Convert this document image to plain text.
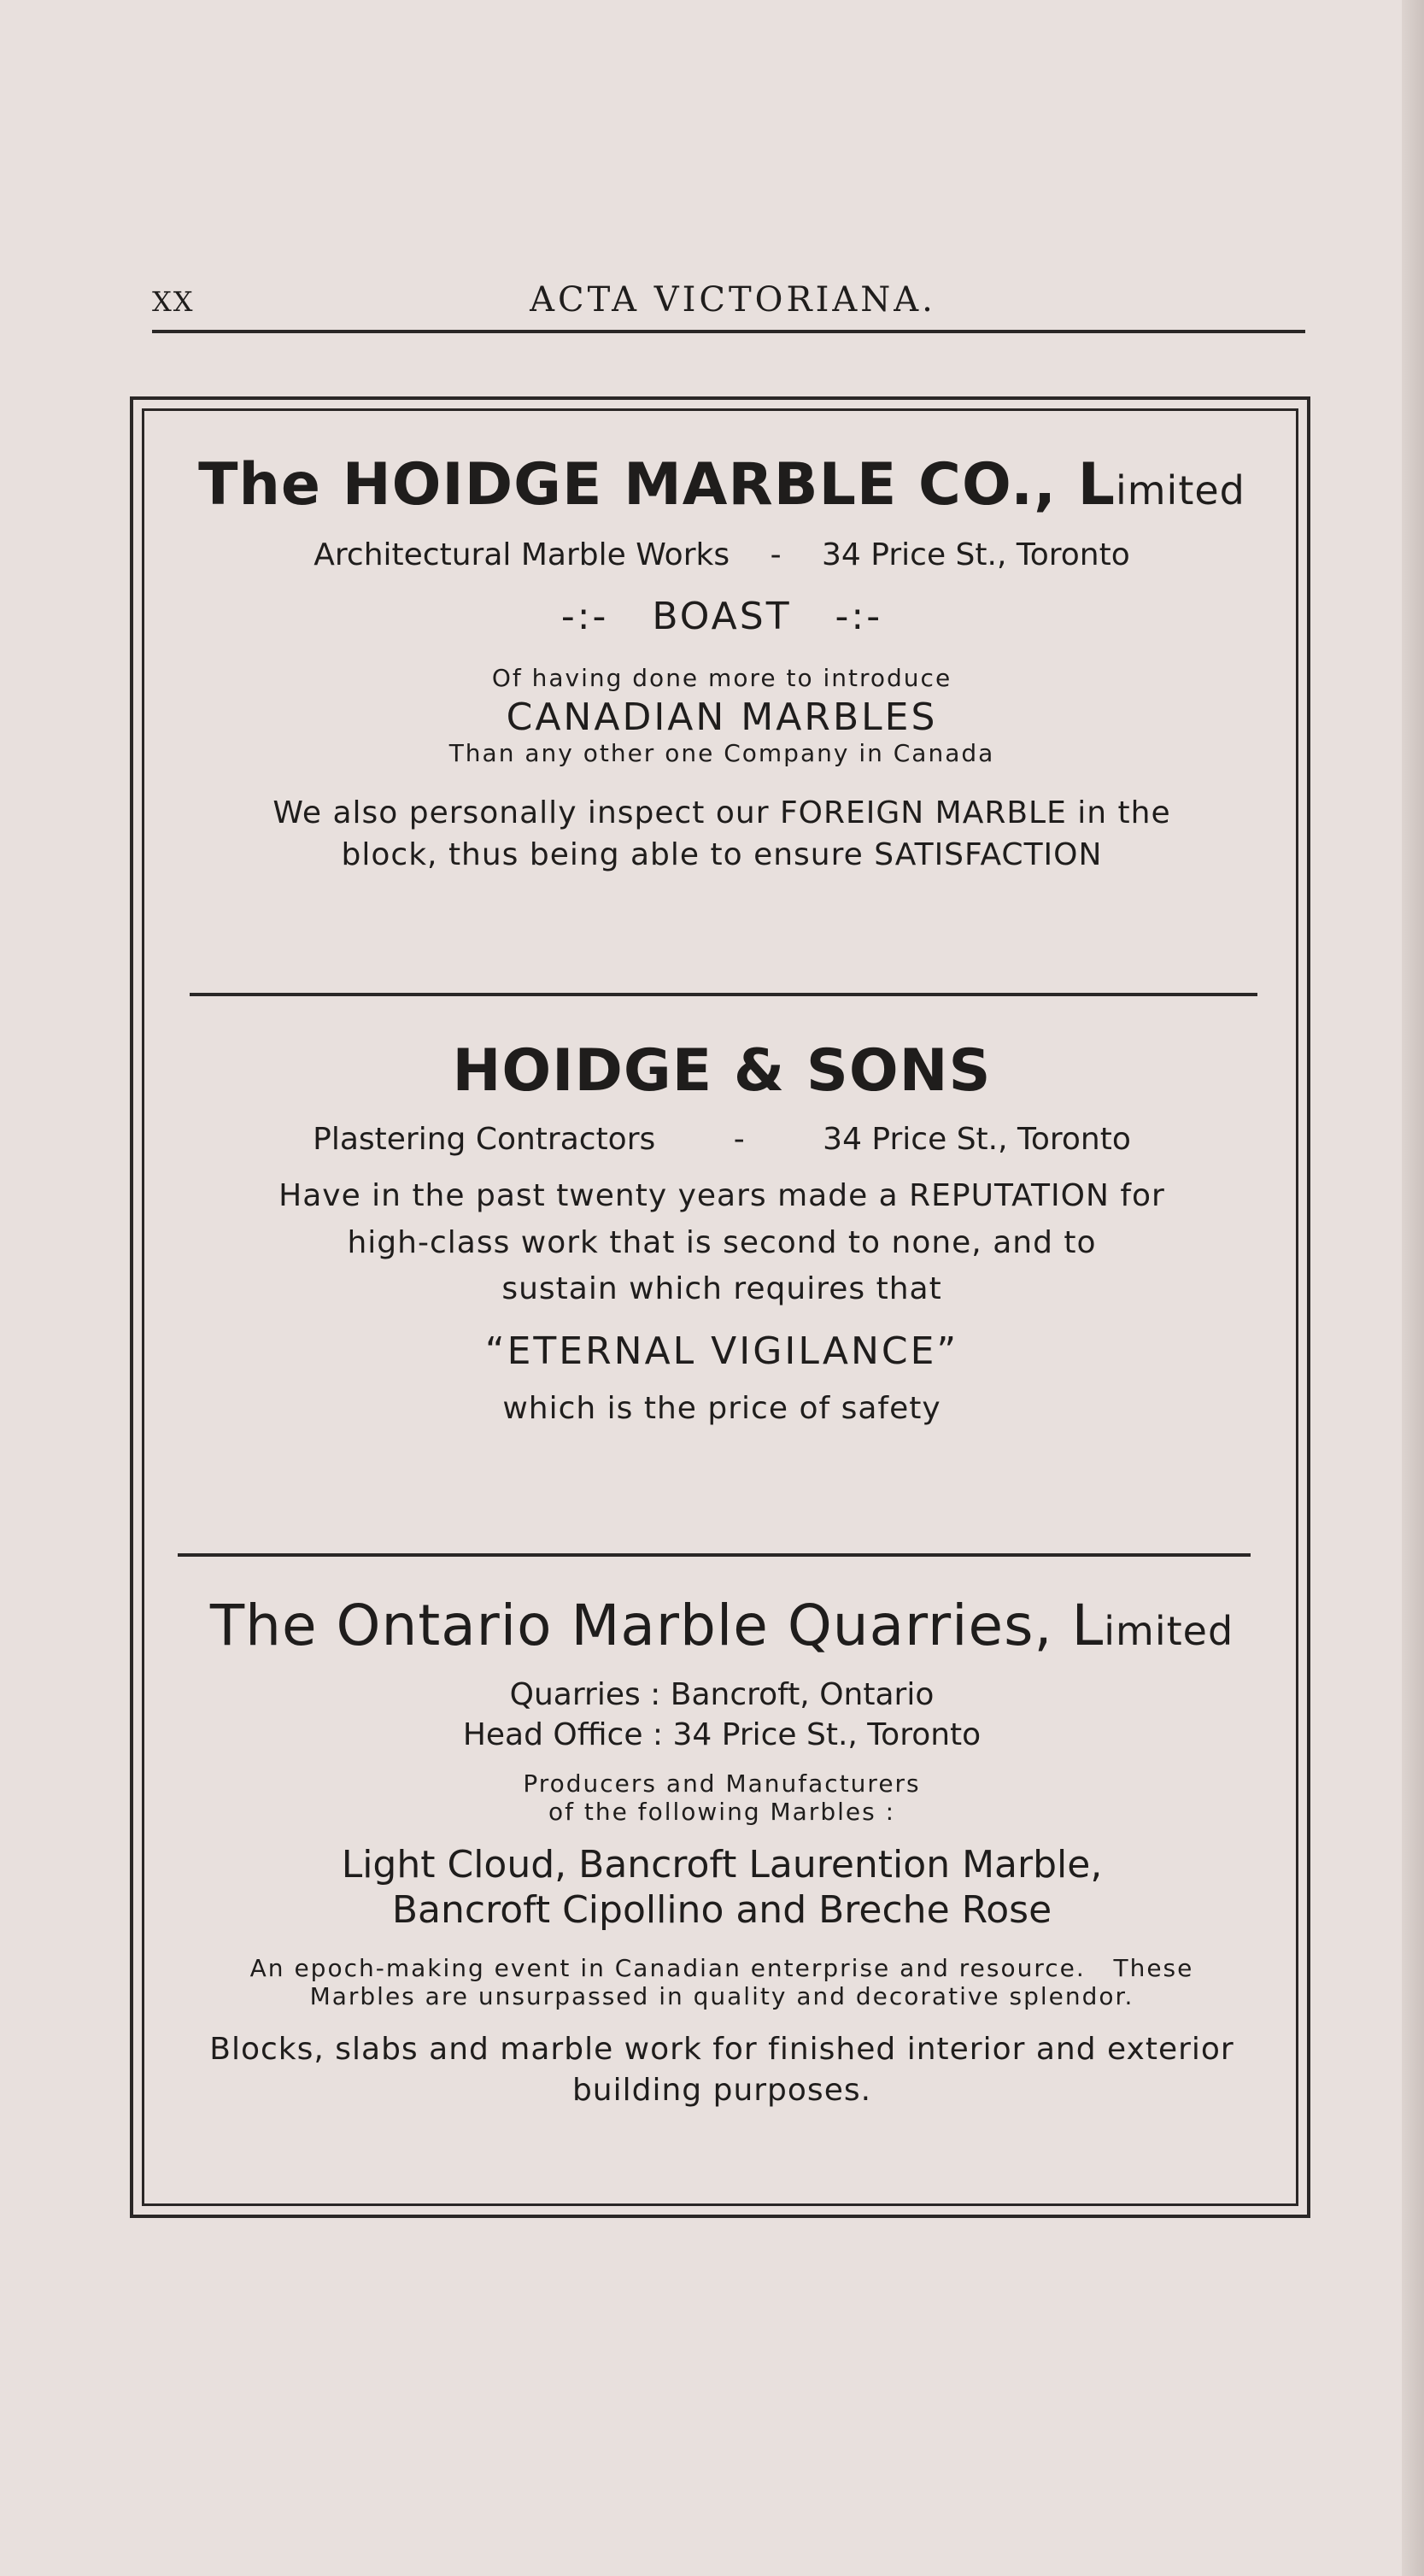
XX	ACTA VICTORIANA.
The HOIDGE MARBLE CO., Limited
Architectural Marble Works - 34 Price St., Toronto
-:-   BOAST   -:-
Of having done more to introduce
CANADIAN MARBLES
Than any other one Company in Canada
We also personally inspect our FOREIGN MARBLE in the
block, thus being able to ensure SATISFACTION
HOIDGE & SONS
Plastering Contractors	-	34 Price St., Toronto
Have in the past twenty years made a REPUTATION for
high-class work that is second to none, and to
sustain which requires that
“ETERNAL VIGILANCE”
which is the price of safety
The Ontario Marble Quarries, Limited
Quarries : Bancroft, Ontario
Head Office : 34 Price St., Toronto
Producers and Manufacturers
of the following Marbles :
Light Cloud, Bancroft Laurention Marble,
Bancroft Cipollino and Breche Rose
An epoch-making event in Canadian enterprise and resource.   These
Marbles are unsurpassed in quality and decorative splendor.
Blocks, slabs and marble work for finished interior and exterior
building purposes.
